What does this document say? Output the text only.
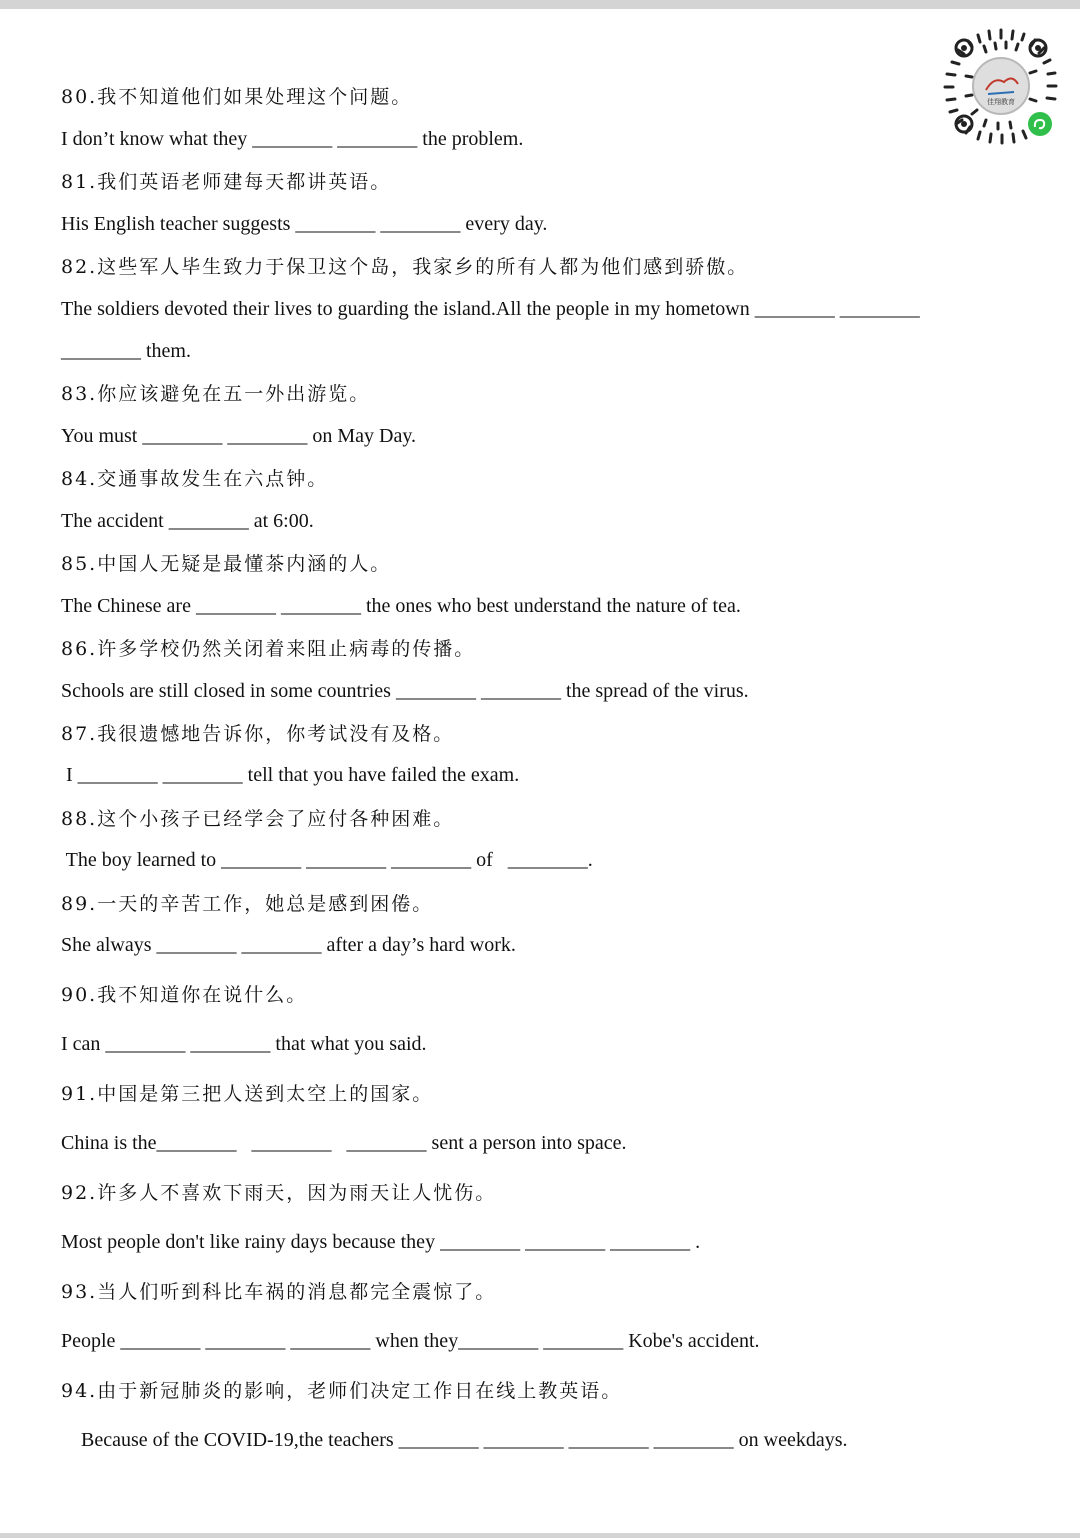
佳翔教育
80.我不知道他们如果处理这个问题。
I don’t know what they ________ ________ the problem.
81.我们英语老师建每天都讲英语。
His English teacher suggests ________ ________ every day.
82.这些军人毕生致力于保卫这个岛，我家乡的所有人都为他们感到骄傲。
The soldiers devoted their lives to guarding the island.All the people in my hometown ________ ________
________ them.
83.你应该避免在五一外出游览。
You must ________ ________ on May Day.
84.交通事故发生在六点钟。
The accident ________ at 6:00.
85.中国人无疑是最懂茶内涵的人。
The Chinese are ________ ________ the ones who best understand the nature of tea.
86.许多学校仍然关闭着来阻止病毒的传播。
Schools are still closed in some countries ________ ________ the spread of the virus.
87.我很遗憾地告诉你，你考试没有及格。
I ________ ________ tell that you have failed the exam.
88.这个小孩子已经学会了应付各种困难。
The boy learned to ________ ________ ________ of   ________.
89.一天的辛苦工作，她总是感到困倦。
She always ________ ________ after a day’s hard work.
90.我不知道你在说什么。
I can ________ ________ that what you said.
91.中国是第三把人送到太空上的国家。
China is the________   ________   ________ sent a person into space.
92.许多人不喜欢下雨天，因为雨天让人忧伤。
Most people don't like rainy days because they ________ ________ ________ .
93.当人们听到科比车祸的消息都完全震惊了。
People ________ ________ ________ when they________ ________ Kobe's accident.
94.由于新冠肺炎的影响，老师们决定工作日在线上教英语。
Because of the COVID-19,the teachers ________ ________ ________ ________ on weekdays.
